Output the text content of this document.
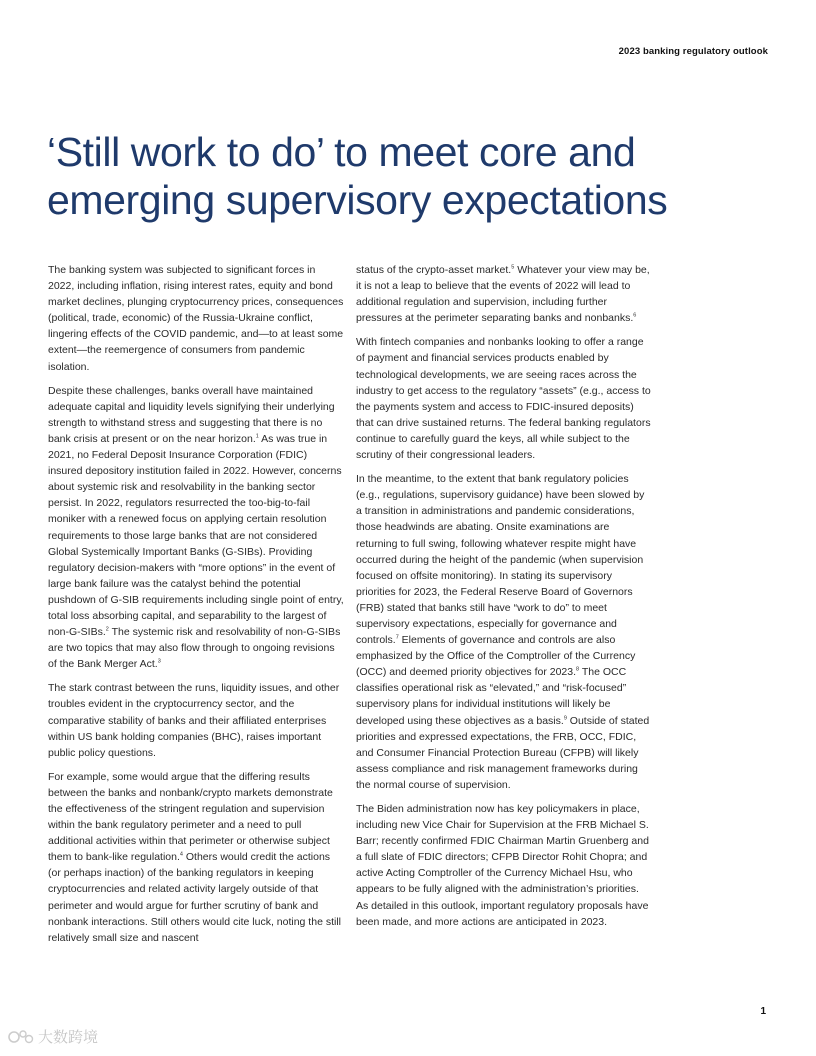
2023 banking regulatory outlook
‘Still work to do’ to meet core and
emerging supervisory expectations

The banking system was subjected to significant forces in 2022, including inflation, rising interest rates, equity and bond market declines, plunging cryptocurrency prices, consequences (political, trade, economic) of the Russia-Ukraine conflict, lingering effects of the COVID pandemic, and—to at least some extent—the reemergence of consumers from pandemic isolation.

Despite these challenges, banks overall have maintained adequate capital and liquidity levels signifying their underlying strength to withstand stress and suggesting that there is no bank crisis at present or on the near horizon.$^1$ As was true in 2021, no Federal Deposit Insurance Corporation (FDIC) insured depository institution failed in 2022. However, concerns about systemic risk and resolvability in the banking sector persist. In 2022, regulators resurrected the too-big-to-fail moniker with a renewed focus on applying certain resolution requirements to those large banks that are not considered Global Systemically Important Banks (G-SIBs). Providing regulatory decision-makers with “more options” in the event of large bank failure was the catalyst behind the potential pushdown of G-SIB requirements including single point of entry, total loss absorbing capital, and separability to the largest of non-G-SIBs.$^2$ The systemic risk and resolvability of non-G-SIBs are two topics that may also flow through to ongoing revisions of the Bank Merger Act.$^3$

The stark contrast between the runs, liquidity issues, and other troubles evident in the cryptocurrency sector, and the comparative stability of banks and their affiliated enterprises within US bank holding companies (BHC), raises important public policy questions.

For example, some would argue that the differing results between the banks and nonbank/crypto markets demonstrate the effectiveness of the stringent regulation and supervision within the bank regulatory perimeter and a need to pull additional activities within that perimeter or otherwise subject them to bank-like regulation.$^4$ Others would credit the actions (or perhaps inaction) of the banking regulators in keeping cryptocurrencies and related activity largely outside of that perimeter and would argue for further scrutiny of bank and nonbank interactions. Still others would cite luck, noting the still relatively small size and nascent

status of the crypto-asset market.$^5$ Whatever your view may be, it is not a leap to believe that the events of 2022 will lead to additional regulation and supervision, including further pressures at the perimeter separating banks and nonbanks.$^6$

With fintech companies and nonbanks looking to offer a range of payment and financial services products enabled by technological developments, we are seeing races across the industry to get access to the regulatory “assets” (e.g., access to the payments system and access to FDIC-insured deposits) that can drive sustained returns. The federal banking regulators continue to carefully guard the keys, all while subject to the scrutiny of their congressional leaders.

In the meantime, to the extent that bank regulatory policies (e.g., regulations, supervisory guidance) have been slowed by a transition in administrations and pandemic considerations, those headwinds are abating. Onsite examinations are returning to full swing, following whatever respite might have occurred during the height of the pandemic (when supervision focused on offsite monitoring). In stating its supervisory priorities for 2023, the Federal Reserve Board of Governors (FRB) stated that banks still have “work to do” to meet supervisory expectations, especially for governance and controls.$^7$ Elements of governance and controls are also emphasized by the Office of the Comptroller of the Currency (OCC) and deemed priority objectives for 2023.$^8$ The OCC classifies operational risk as “elevated,” and “risk-focused” supervisory plans for individual institutions will likely be developed using these objectives as a basis.$^9$ Outside of stated priorities and expressed expectations, the FRB, OCC, FDIC, and Consumer Financial Protection Bureau (CFPB) will likely assess compliance and risk management frameworks during the normal course of supervision.

The Biden administration now has key policymakers in place, including new Vice Chair for Supervision at the FRB Michael S. Barr; recently confirmed FDIC Chairman Martin Gruenberg and a full slate of FDIC directors; CFPB Director Rohit Chopra; and active Acting Comptroller of the Currency Michael Hsu, who appears to be fully aligned with the administration’s priorities. As detailed in this outlook, important regulatory proposals have been made, and more actions are anticipated in 2023.

1
大数跨境
